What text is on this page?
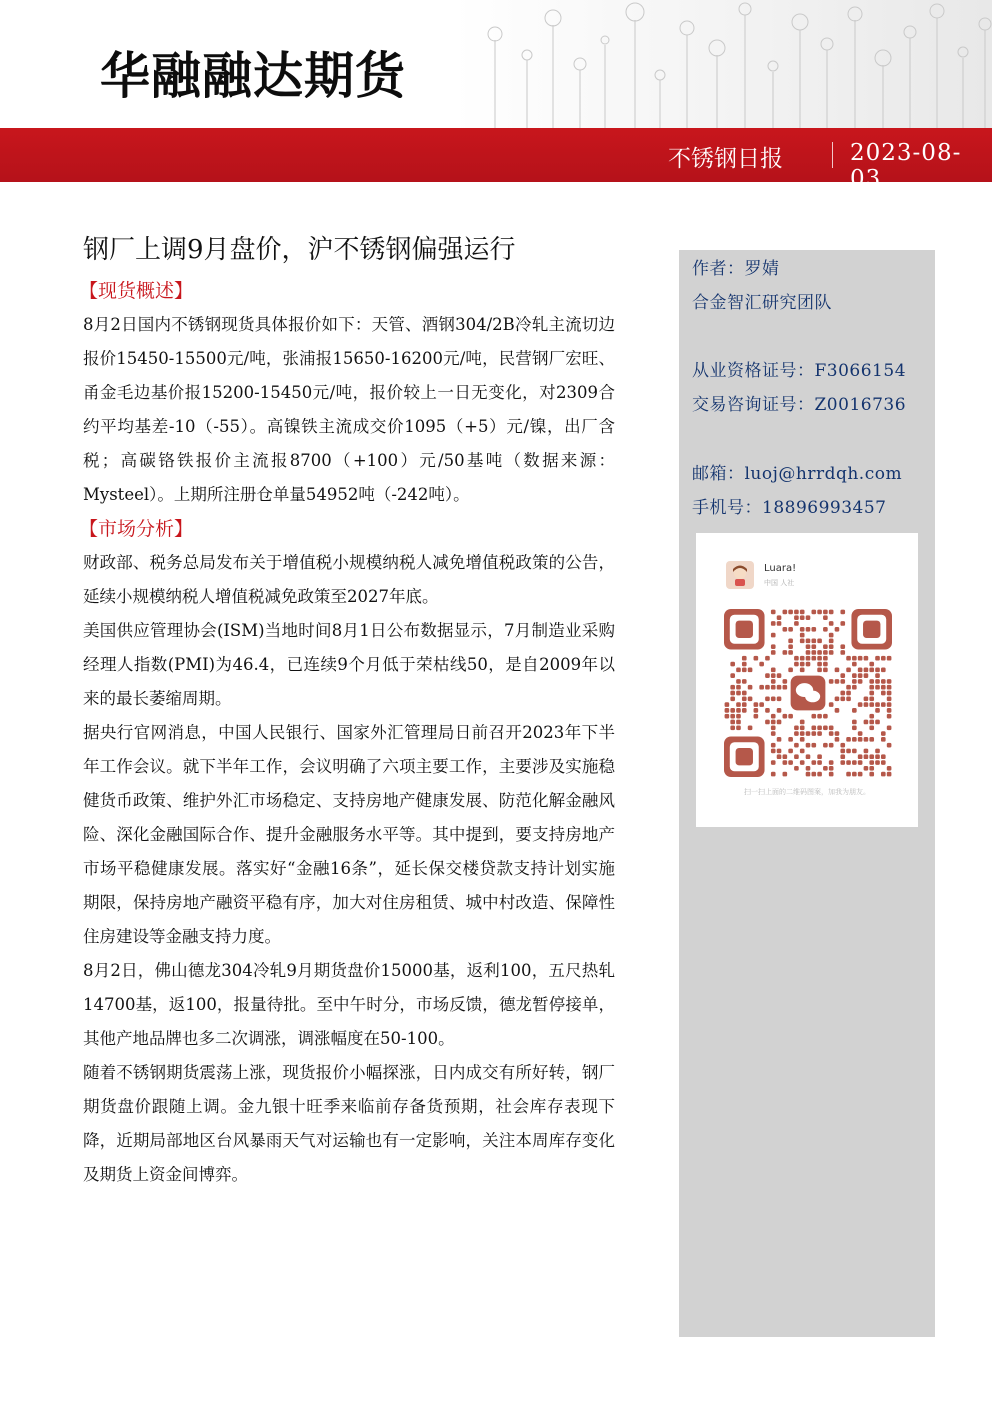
华融融达期货
不锈钢日报	2023-08-03
钢厂上调9月盘价，沪不锈钢偏强运行
【现货概述】
8月2日国内不锈钢现货具体报价如下：天管、酒钢304/2B冷轧主流切边报价15450-15500元/吨，张浦报15650-16200元/吨，民营钢厂宏旺、甬金毛边基价报15200-15450元/吨，报价较上一日无变化，对2309合约平均基差-10（-55）。高镍铁主流成交价1095（+5）元/镍，出厂含税；高碳铬铁报价主流报8700（+100）元/50基吨（数据来源：Mysteel）。上期所注册仓单量54952吨（-242吨）。
【市场分析】
财政部、税务总局发布关于增值税小规模纳税人减免增值税政策的公告，延续小规模纳税人增值税减免政策至2027年底。
美国供应管理协会(ISM)当地时间8月1日公布数据显示，7月制造业采购经理人指数(PMI)为46.4，已连续9个月低于荣枯线50，是自2009年以来的最长萎缩周期。
据央行官网消息，中国人民银行、国家外汇管理局日前召开2023年下半年工作会议。就下半年工作，会议明确了六项主要工作，主要涉及实施稳健货币政策、维护外汇市场稳定、支持房地产健康发展、防范化解金融风险、深化金融国际合作、提升金融服务水平等。其中提到，要支持房地产市场平稳健康发展。落实好“金融16条”，延长保交楼贷款支持计划实施期限，保持房地产融资平稳有序，加大对住房租赁、城中村改造、保障性住房建设等金融支持力度。
8月2日，佛山德龙304冷轧9月期货盘价15000基，返利100，五尺热轧14700基，返100，报量待批。至中午时分，市场反馈，德龙暂停接单，其他产地品牌也多二次调涨，调涨幅度在50-100。
随着不锈钢期货震荡上涨，现货报价小幅探涨，日内成交有所好转，钢厂期货盘价跟随上调。金九银十旺季来临前存备货预期，社会库存表现下降，近期局部地区台风暴雨天气对运输也有一定影响，关注本周库存变化及期货上资金间博弈。
作者：罗婧
合金智汇研究团队
从业资格证号：F3066154
交易咨询证号：Z0016736
邮箱：luoj@hrrdqh.com
手机号：18896993457
Luara!
中国 人社
扫一扫上面的二维码图案，加我为朋友。
